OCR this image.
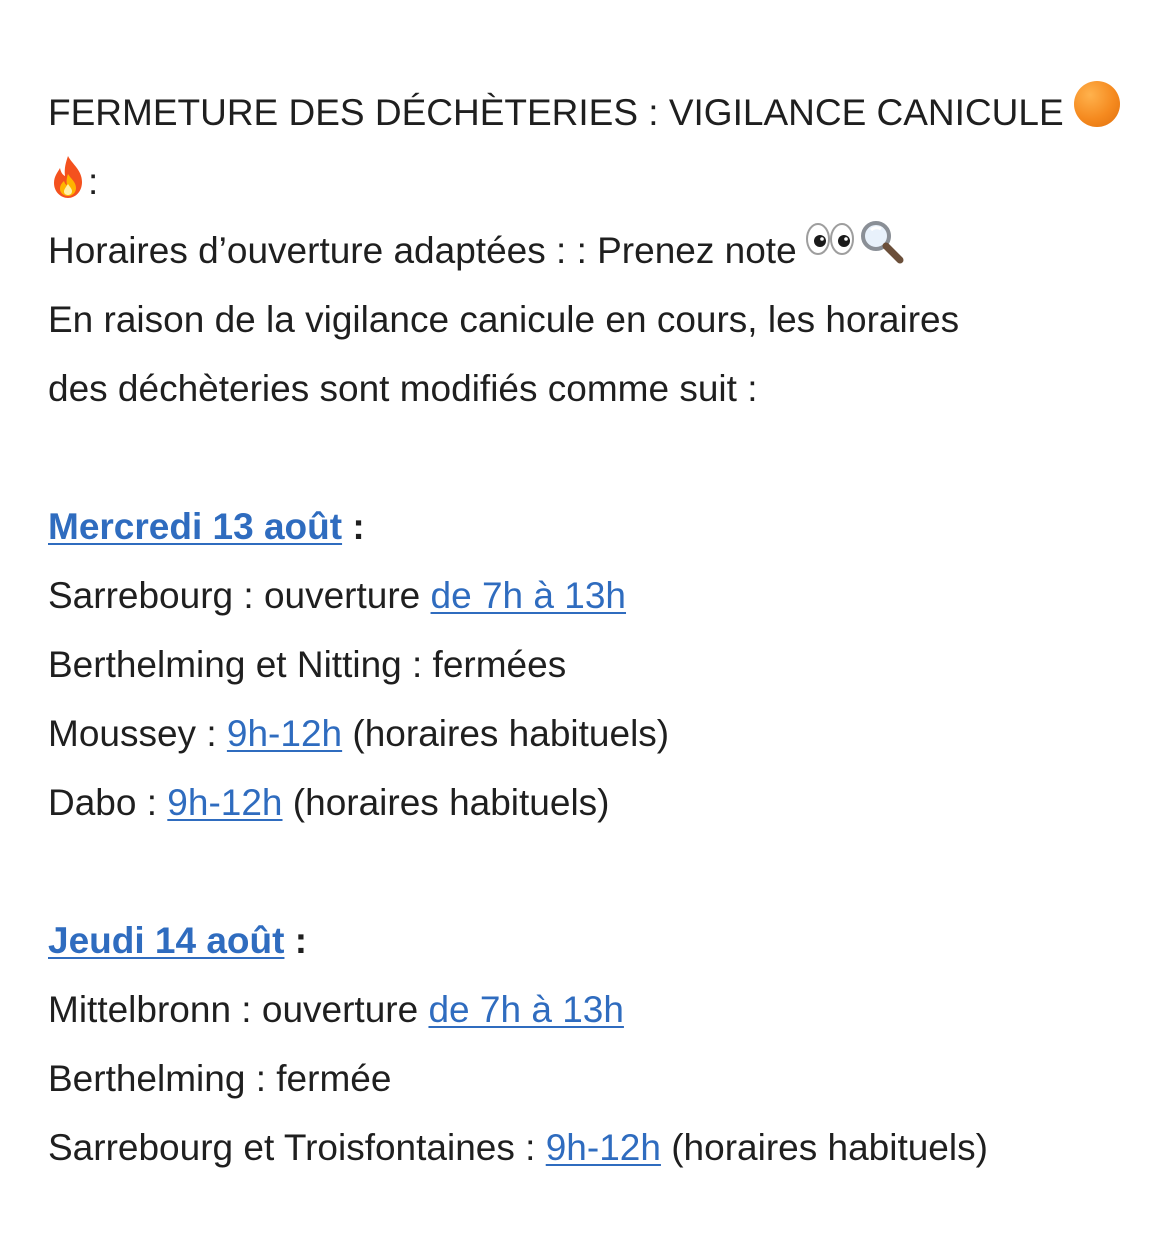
FERMETURE DES DÉCHÈTERIES : VIGILANCE CANICULE
:
Horaires d’ouverture adaptées : : Prenez note
En raison de la vigilance canicule en cours, les horaires
des déchèteries sont modifiés comme suit :
Mercredi 13 août :
Sarrebourg : ouverture de 7h à 13h
Berthelming et Nitting : fermées
Moussey : 9h-12h (horaires habituels)
Dabo : 9h-12h (horaires habituels)
Jeudi 14 août :
Mittelbronn : ouverture de 7h à 13h
Berthelming : fermée
Sarrebourg et Troisfontaines : 9h-12h (horaires habituels)
